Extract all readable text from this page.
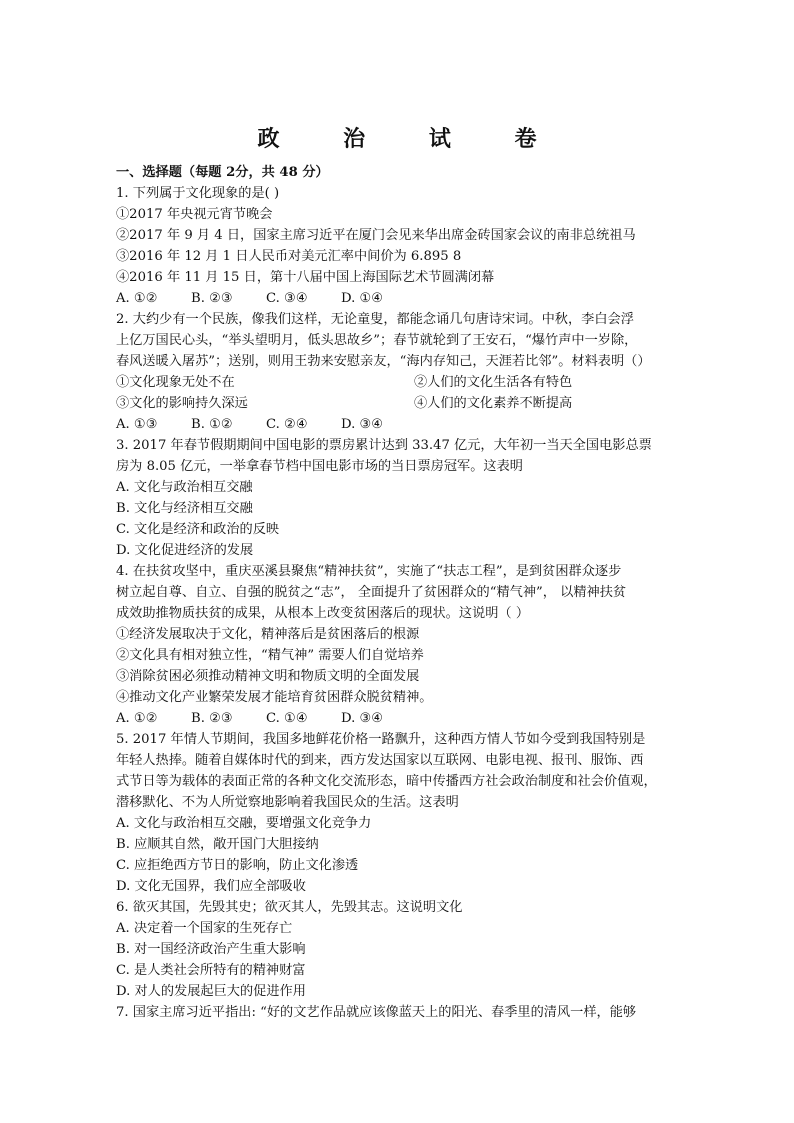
政 治 试 卷
一、选择题（每题 2分，共 48 分）
1. 下列属于文化现象的是( )
①2017 年央视元宵节晚会
②2017 年 9 月 4 日，国家主席习近平在厦门会见来华出席金砖国家会议的南非总统祖马
③2016 年 12 月 1 日人民币对美元汇率中间价为 6.895 8
④2016 年 11 月 15 日，第十八届中国上海国际艺术节圆满闭幕
A. ①②	B. ②③	C. ③④	D. ①④
2. 大约少有一个民族，像我们这样，无论童叟，都能念诵几句唐诗宋词。中秋，李白会浮
上亿万国民心头，“举头望明月，低头思故乡”；春节就轮到了王安石，“爆竹声中一岁除，
春风送暖入屠苏”；送别，则用王勃来安慰亲友，“海内存知己，天涯若比邻”。材料表明（）
①文化现象无处不在	②人们的文化生活各有特色
③文化的影响持久深远	④人们的文化素养不断提高
A. ①③	B. ①②	C. ②④	D. ③④
3. 2017 年春节假期期间中国电影的票房累计达到 33.47 亿元，大年初一当天全国电影总票
房为 8.05 亿元，一举拿春节档中国电影市场的当日票房冠军。这表明
A. 文化与政治相互交融
B. 文化与经济相互交融
C. 文化是经济和政治的反映
D. 文化促进经济的发展
4. 在扶贫攻坚中，重庆巫溪县聚焦“精神扶贫”，实施了“扶志工程”，是到贫困群众逐步
树立起自尊、自立、自强的脱贫之“志”， 全面提升了贫困群众的“精气神”， 以精神扶贫
成效助推物质扶贫的成果，从根本上改变贫困落后的现状。这说明（ ）
①经济发展取决于文化，精神落后是贫困落后的根源
②文化具有相对独立性，“精气神” 需要人们自觉培养
③消除贫困必须推动精神文明和物质文明的全面发展
④推动文化产业繁荣发展才能培育贫困群众脱贫精神。
A. ①②	B. ②③	C. ①④	D. ③④
5. 2017 年情人节期间，我国多地鲜花价格一路飘升，这种西方情人节如今受到我国特别是
年轻人热捧。随着自媒体时代的到来，西方发达国家以互联网、电影电视、报刊、服饰、西
式节日等为载体的表面正常的各种文化交流形态，暗中传播西方社会政治制度和社会价值观，
潜移默化、不为人所觉察地影响着我国民众的生活。这表明
A. 文化与政治相互交融，要增强文化竞争力
B. 应顺其自然，敞开国门大胆接纳
C. 应拒绝西方节日的影响，防止文化渗透
D. 文化无国界，我们应全部吸收
6. 欲灭其国，先毁其史；欲灭其人，先毁其志。这说明文化
A. 决定着一个国家的生死存亡
B. 对一国经济政治产生重大影响
C. 是人类社会所特有的精神财富
D. 对人的发展起巨大的促进作用
7. 国家主席习近平指出: “好的文艺作品就应该像蓝天上的阳光、春季里的清风一样，能够
